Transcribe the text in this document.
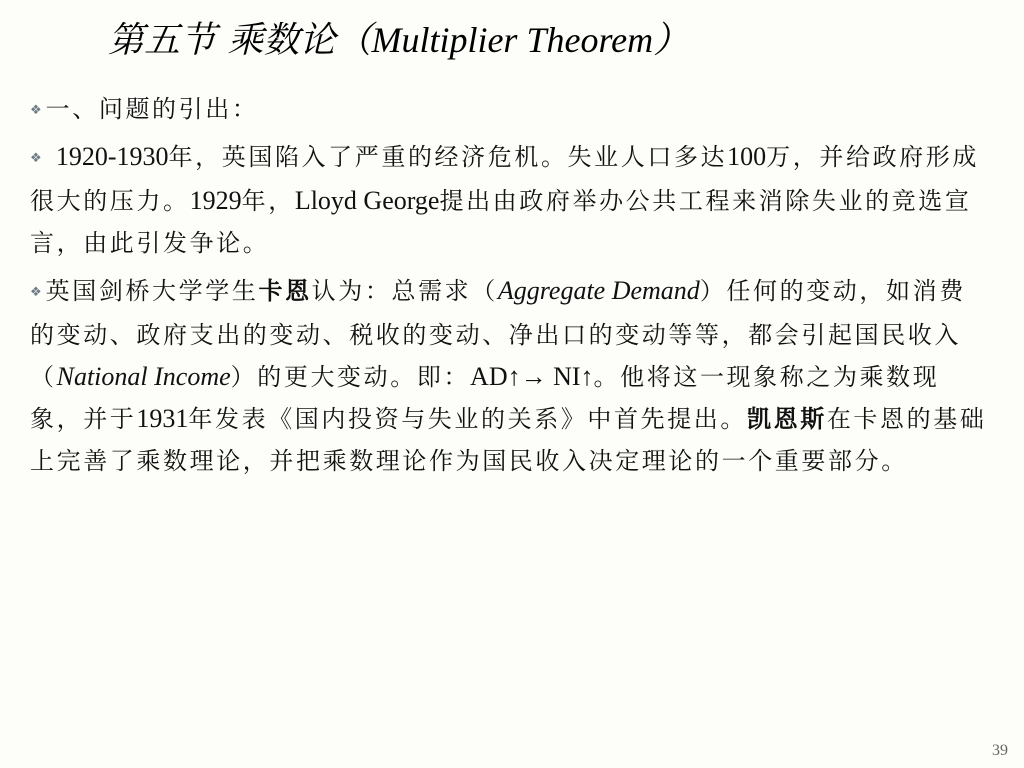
第五节 乘数论（Multiplier Theorem）

❖ 一、问题的引出：

❖ 1920-1930年，英国陷入了严重的经济危机。失业人口多达100万，并给政府形成很大的压力。1929年，Lloyd George提出由政府举办公共工程来消除失业的竞选宣言，由此引发争论。

❖ 英国剑桥大学学生卡恩认为：总需求（Aggregate Demand）任何的变动，如消费的变动、政府支出的变动、税收的变动、净出口的变动等等，都会引起国民收入（National Income）的更大变动。即：AD↑→ NI↑。他将这一现象称之为乘数现象，并于1931年发表《国内投资与失业的关系》中首先提出。凯恩斯在卡恩的基础上完善了乘数理论，并把乘数理论作为国民收入决定理论的一个重要部分。

39
